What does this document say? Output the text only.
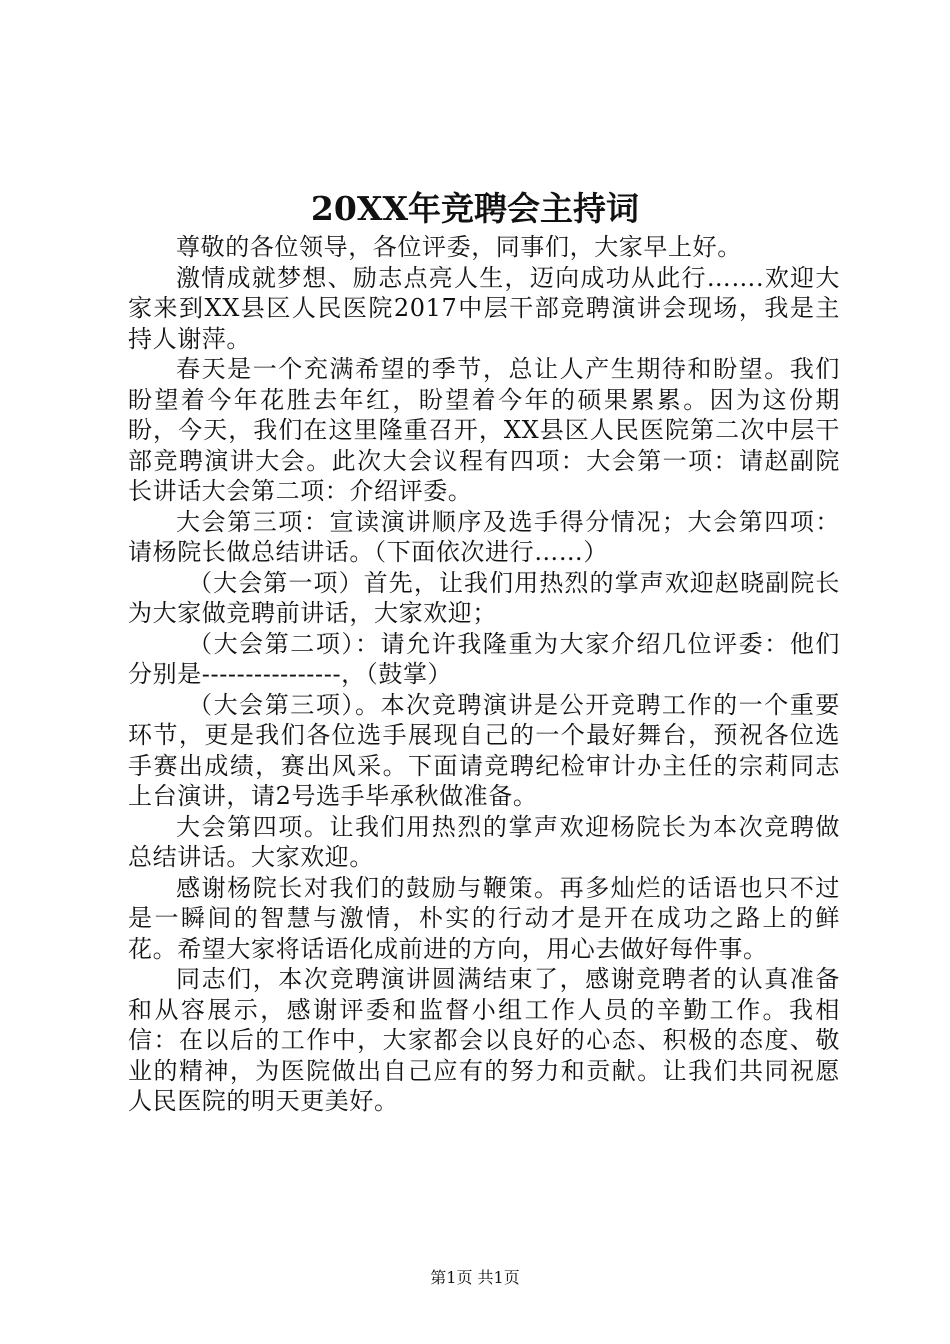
20XX年竞聘会主持词

尊敬的各位领导，各位评委，同事们，大家早上好。

激情成就梦想、励志点亮人生，迈向成功从此行…….欢迎大家来到XX县区人民医院2017中层干部竞聘演讲会现场，我是主持人谢萍。

春天是一个充满希望的季节，总让人产生期待和盼望。我们盼望着今年花胜去年红，盼望着今年的硕果累累。因为这份期盼，今天，我们在这里隆重召开，XX县区人民医院第二次中层干部竞聘演讲大会。此次大会议程有四项：大会第一项：请赵副院长讲话大会第二项：介绍评委。

大会第三项：宣读演讲顺序及选手得分情况；大会第四项：请杨院长做总结讲话。（下面依次进行……）

（大会第一项）首先，让我们用热烈的掌声欢迎赵晓副院长为大家做竞聘前讲话，大家欢迎；

（大会第二项）：请允许我隆重为大家介绍几位评委：他们分别是----------------，（鼓掌）

（大会第三项）。本次竞聘演讲是公开竞聘工作的一个重要环节，更是我们各位选手展现自己的一个最好舞台，预祝各位选手赛出成绩，赛出风采。下面请竞聘纪检审计办主任的宗莉同志上台演讲，请2号选手毕承秋做准备。

大会第四项。让我们用热烈的掌声欢迎杨院长为本次竞聘做总结讲话。大家欢迎。

感谢杨院长对我们的鼓励与鞭策。再多灿烂的话语也只不过是一瞬间的智慧与激情，朴实的行动才是开在成功之路上的鲜花。希望大家将话语化成前进的方向，用心去做好每件事。

同志们，本次竞聘演讲圆满结束了，感谢竞聘者的认真准备和从容展示，感谢评委和监督小组工作人员的辛勤工作。我相信：在以后的工作中，大家都会以良好的心态、积极的态度、敬业的精神，为医院做出自己应有的努力和贡献。让我们共同祝愿人民医院的明天更美好。

第1页 共1页
